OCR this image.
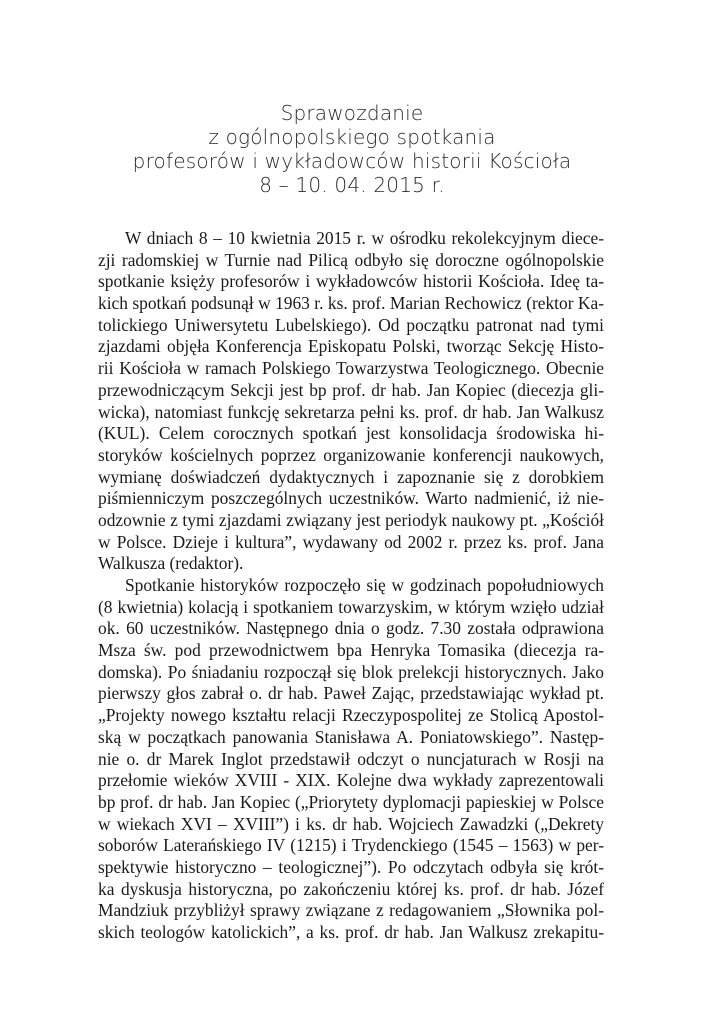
Sprawozdanie
z ogólnopolskiego spotkania
profesorów i wykładowców historii Kościoła
8 – 10. 04. 2015 r.
W dniach 8 – 10 kwietnia 2015 r. w ośrodku rekolekcyjnym diece-
zji radomskiej w Turnie nad Pilicą odbyło się doroczne ogólnopolskie
spotkanie księży profesorów i wykładowców historii Kościoła. Ideę ta-
kich spotkań podsunął w 1963 r. ks. prof. Marian Rechowicz (rektor Ka-
tolickiego Uniwersytetu Lubelskiego). Od początku patronat nad tymi
zjazdami objęła Konferencja Episkopatu Polski, tworząc Sekcję Histo-
rii Kościoła w ramach Polskiego Towarzystwa Teologicznego. Obecnie
przewodniczącym Sekcji jest bp prof. dr hab. Jan Kopiec (diecezja gli-
wicka), natomiast funkcję sekretarza pełni ks. prof. dr hab. Jan Walkusz
(KUL). Celem corocznych spotkań jest konsolidacja środowiska hi-
storyków kościelnych poprzez organizowanie konferencji naukowych,
wymianę doświadczeń dydaktycznych i zapoznanie się z dorobkiem
piśmienniczym poszczególnych uczestników. Warto nadmienić, iż nie-
odzownie z tymi zjazdami związany jest periodyk naukowy pt. „Kościół
w Polsce. Dzieje i kultura”, wydawany od 2002 r. przez ks. prof. Jana
Walkusza (redaktor).
Spotkanie historyków rozpoczęło się w godzinach popołudniowych
(8 kwietnia) kolacją i spotkaniem towarzyskim, w którym wzięło udział
ok. 60 uczestników. Następnego dnia o godz. 7.30 została odprawiona
Msza św. pod przewodnictwem bpa Henryka Tomasika (diecezja ra-
domska). Po śniadaniu rozpoczął się blok prelekcji historycznych. Jako
pierwszy głos zabrał o. dr hab. Paweł Zając, przedstawiając wykład pt.
„Projekty nowego kształtu relacji Rzeczypospolitej ze Stolicą Apostol-
ską w początkach panowania Stanisława A. Poniatowskiego”. Następ-
nie o. dr Marek Inglot przedstawił odczyt o nuncjaturach w Rosji na
przełomie wieków XVIII - XIX. Kolejne dwa wykłady zaprezentowali
bp prof. dr hab. Jan Kopiec („Priorytety dyplomacji papieskiej w Polsce
w wiekach XVI – XVIII”) i ks. dr hab. Wojciech Zawadzki („Dekrety
soborów Laterańskiego IV (1215) i Trydenckiego (1545 – 1563) w per-
spektywie historyczno – teologicznej”). Po odczytach odbyła się krót-
ka dyskusja historyczna, po zakończeniu której ks. prof. dr hab. Józef
Mandziuk przybliżył sprawy związane z redagowaniem „Słownika pol-
skich teologów katolickich”, a ks. prof. dr hab. Jan Walkusz zrekapitu-
